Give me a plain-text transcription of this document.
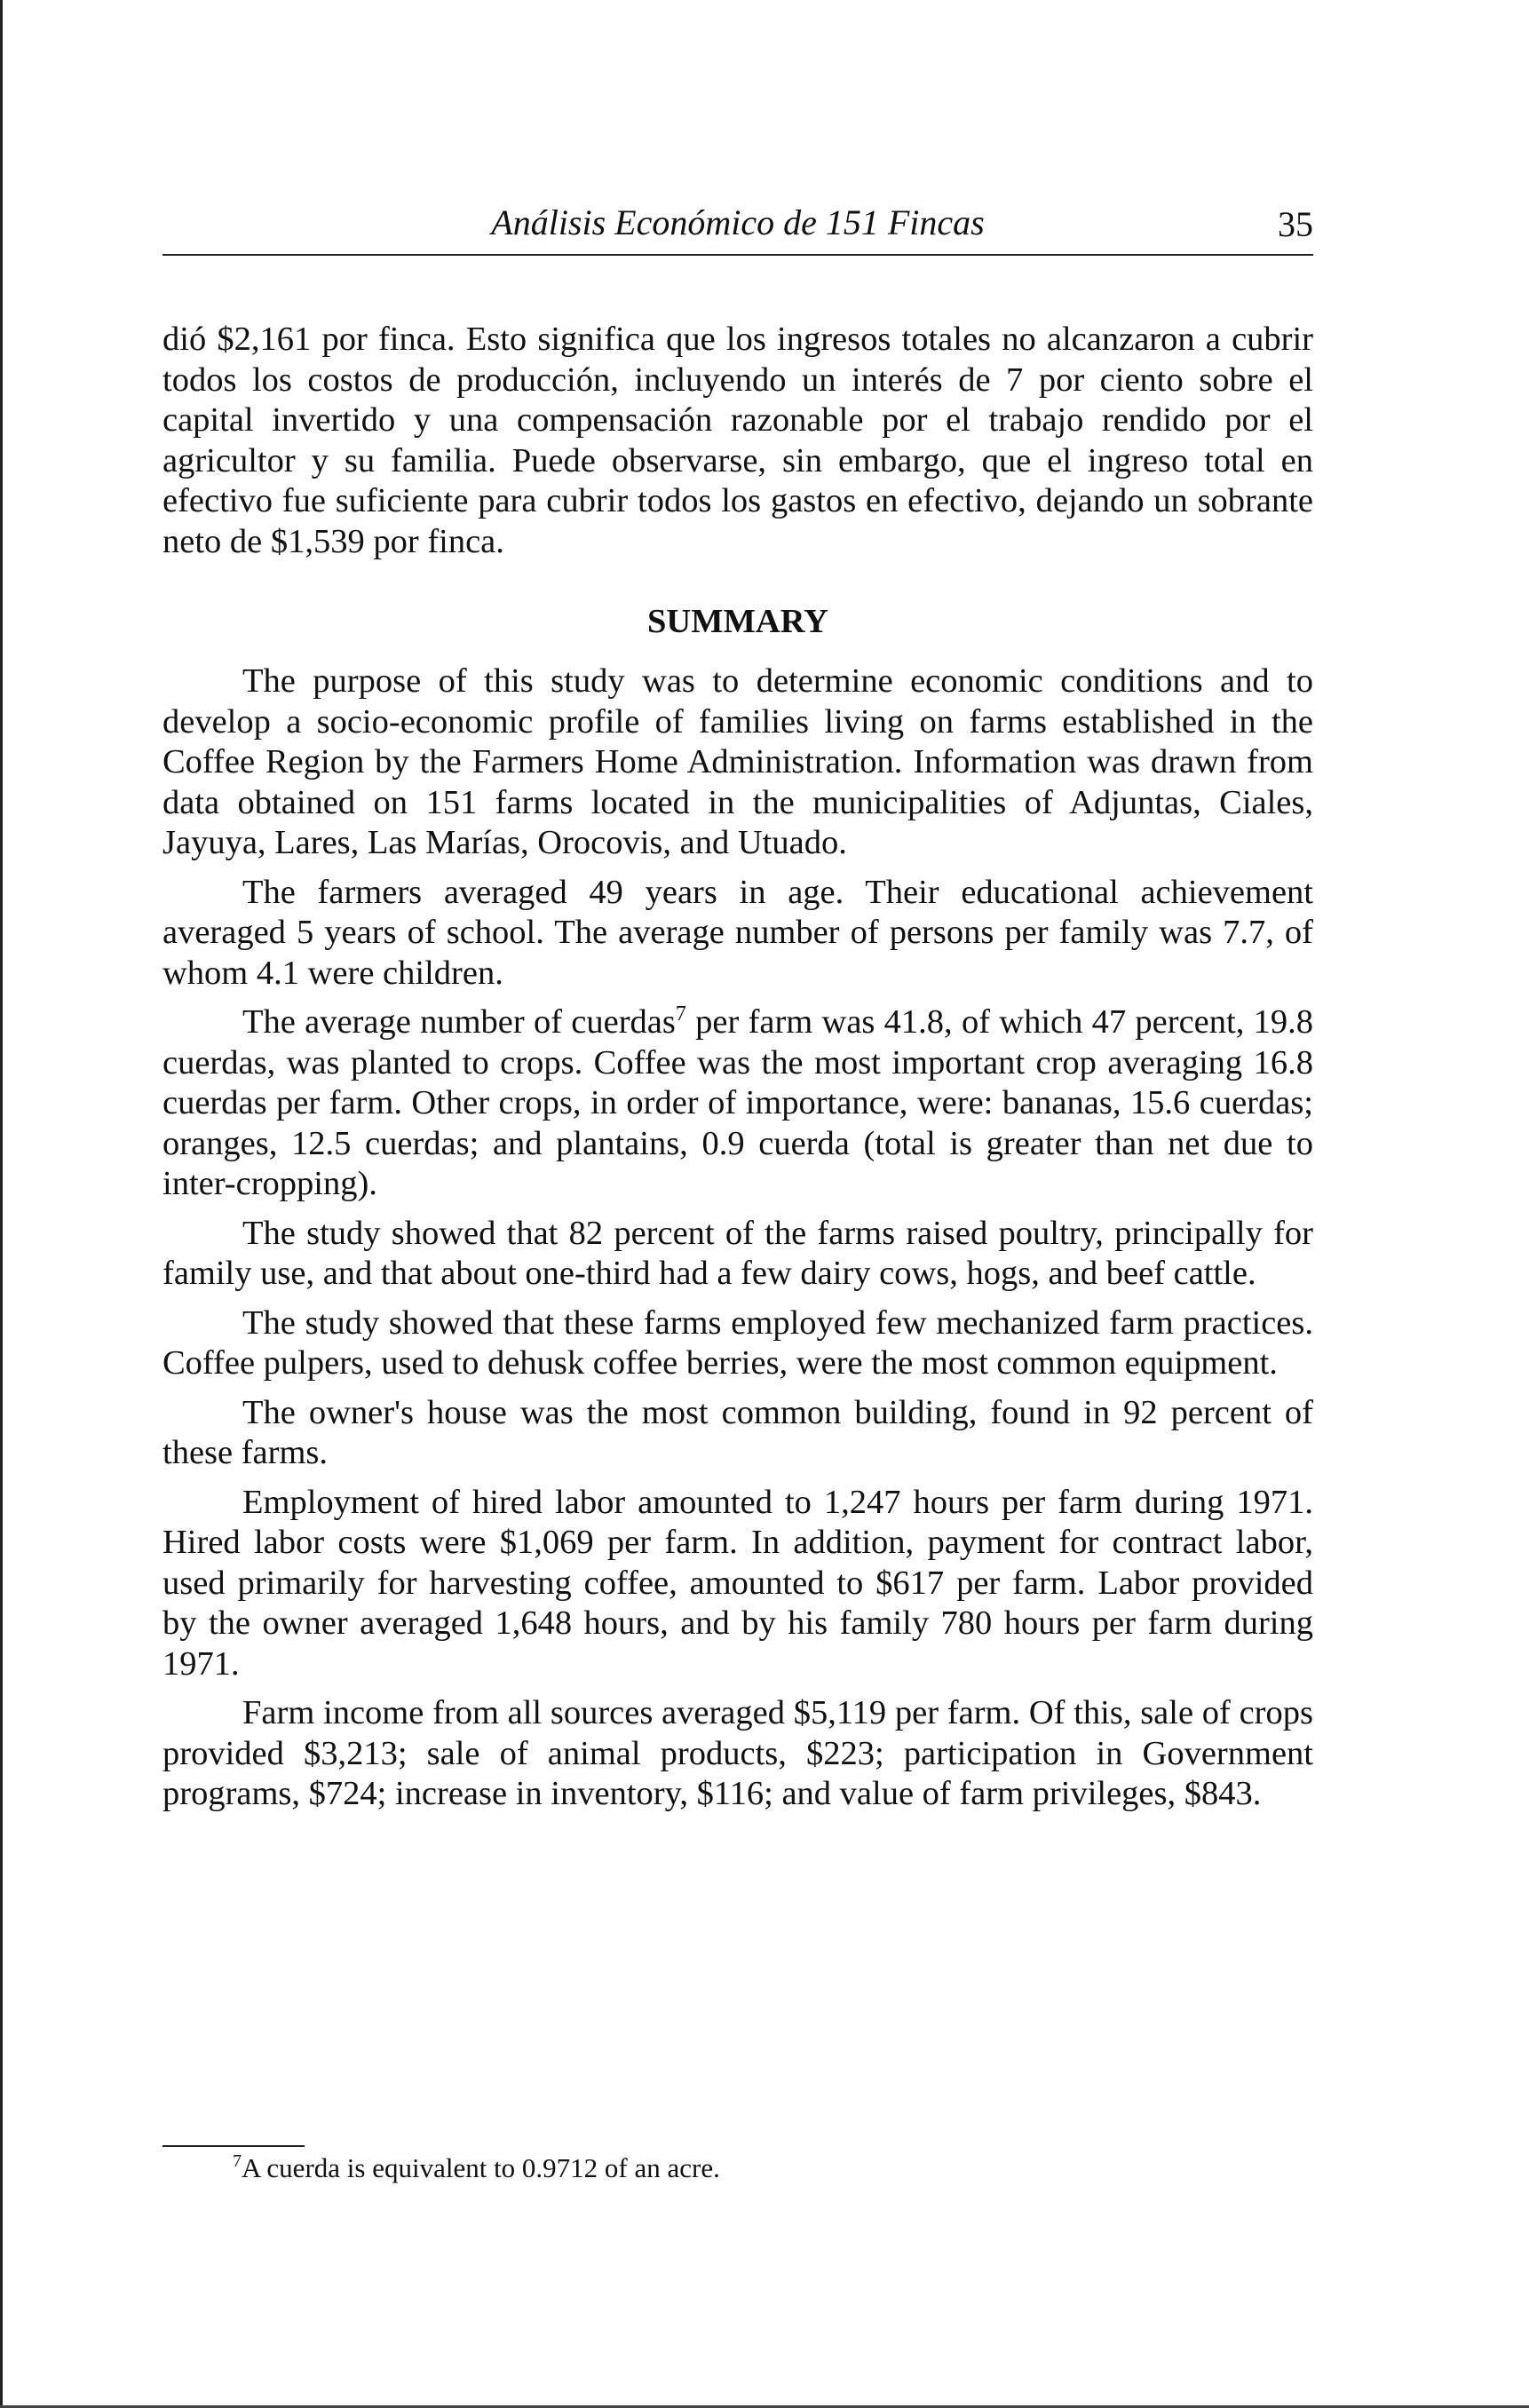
Análisis Económico de 151 Fincas	35

dió $2,161 por finca. Esto significa que los ingresos totales no alcanzaron a cubrir todos los costos de producción, incluyendo un interés de 7 por ciento sobre el capital invertido y una compensación razonable por el trabajo rendido por el agricultor y su familia. Puede observarse, sin embargo, que el ingreso total en efectivo fue suficiente para cubrir todos los gastos en efectivo, dejando un sobrante neto de $1,539 por finca.

SUMMARY

The purpose of this study was to determine economic conditions and to develop a socio-economic profile of families living on farms established in the Coffee Region by the Farmers Home Administration. Information was drawn from data obtained on 151 farms located in the municipalities of Adjuntas, Ciales, Jayuya, Lares, Las Marías, Orocovis, and Utuado.

The farmers averaged 49 years in age. Their educational achievement averaged 5 years of school. The average number of persons per family was 7.7, of whom 4.1 were children.

The average number of cuerdas$^7$ per farm was 41.8, of which 47 percent, 19.8 cuerdas, was planted to crops. Coffee was the most important crop averaging 16.8 cuerdas per farm. Other crops, in order of importance, were: bananas, 15.6 cuerdas; oranges, 12.5 cuerdas; and plantains, 0.9 cuerda (total is greater than net due to inter-cropping).

The study showed that 82 percent of the farms raised poultry, principally for family use, and that about one-third had a few dairy cows, hogs, and beef cattle.

The study showed that these farms employed few mechanized farm practices. Coffee pulpers, used to dehusk coffee berries, were the most common equipment.

The owner's house was the most common building, found in 92 percent of these farms.

Employment of hired labor amounted to 1,247 hours per farm during 1971. Hired labor costs were $1,069 per farm. In addition, payment for contract labor, used primarily for harvesting coffee, amounted to $617 per farm. Labor provided by the owner averaged 1,648 hours, and by his family 780 hours per farm during 1971.

Farm income from all sources averaged $5,119 per farm. Of this, sale of crops provided $3,213; sale of animal products, $223; participation in Government programs, $724; increase in inventory, $116; and value of farm privileges, $843.

$^7$A cuerda is equivalent to 0.9712 of an acre.
